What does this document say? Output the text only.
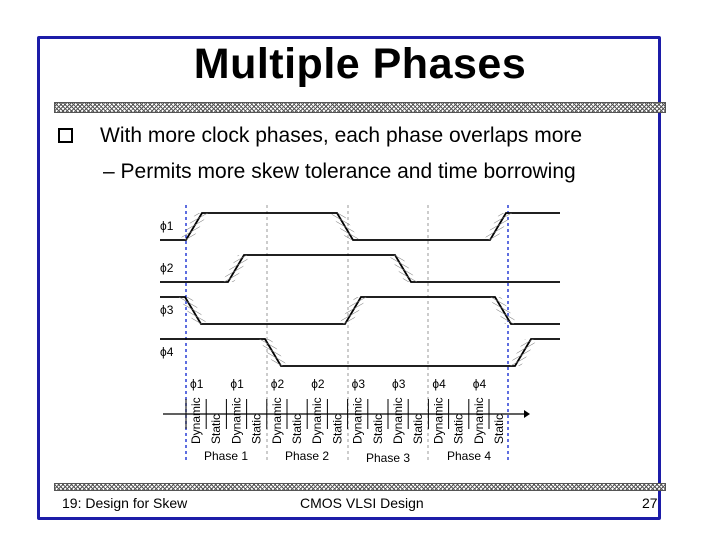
Multiple Phases
With more clock phases, each phase overlaps more
– Permits more skew tolerance and time borrowing
ϕ1
ϕ2
ϕ3
ϕ4
Dynamic Static Dynamic Static Dynamic Static Dynamic Static Dynamic Static Dynamic Static Dynamic Static Dynamic Static
ϕ1 ϕ1 ϕ2 ϕ2 ϕ3 ϕ3 ϕ4 ϕ4
Phase 1	Phase 2	Phase 3	Phase 4
19: Design for Skew	CMOS VLSI Design	27
